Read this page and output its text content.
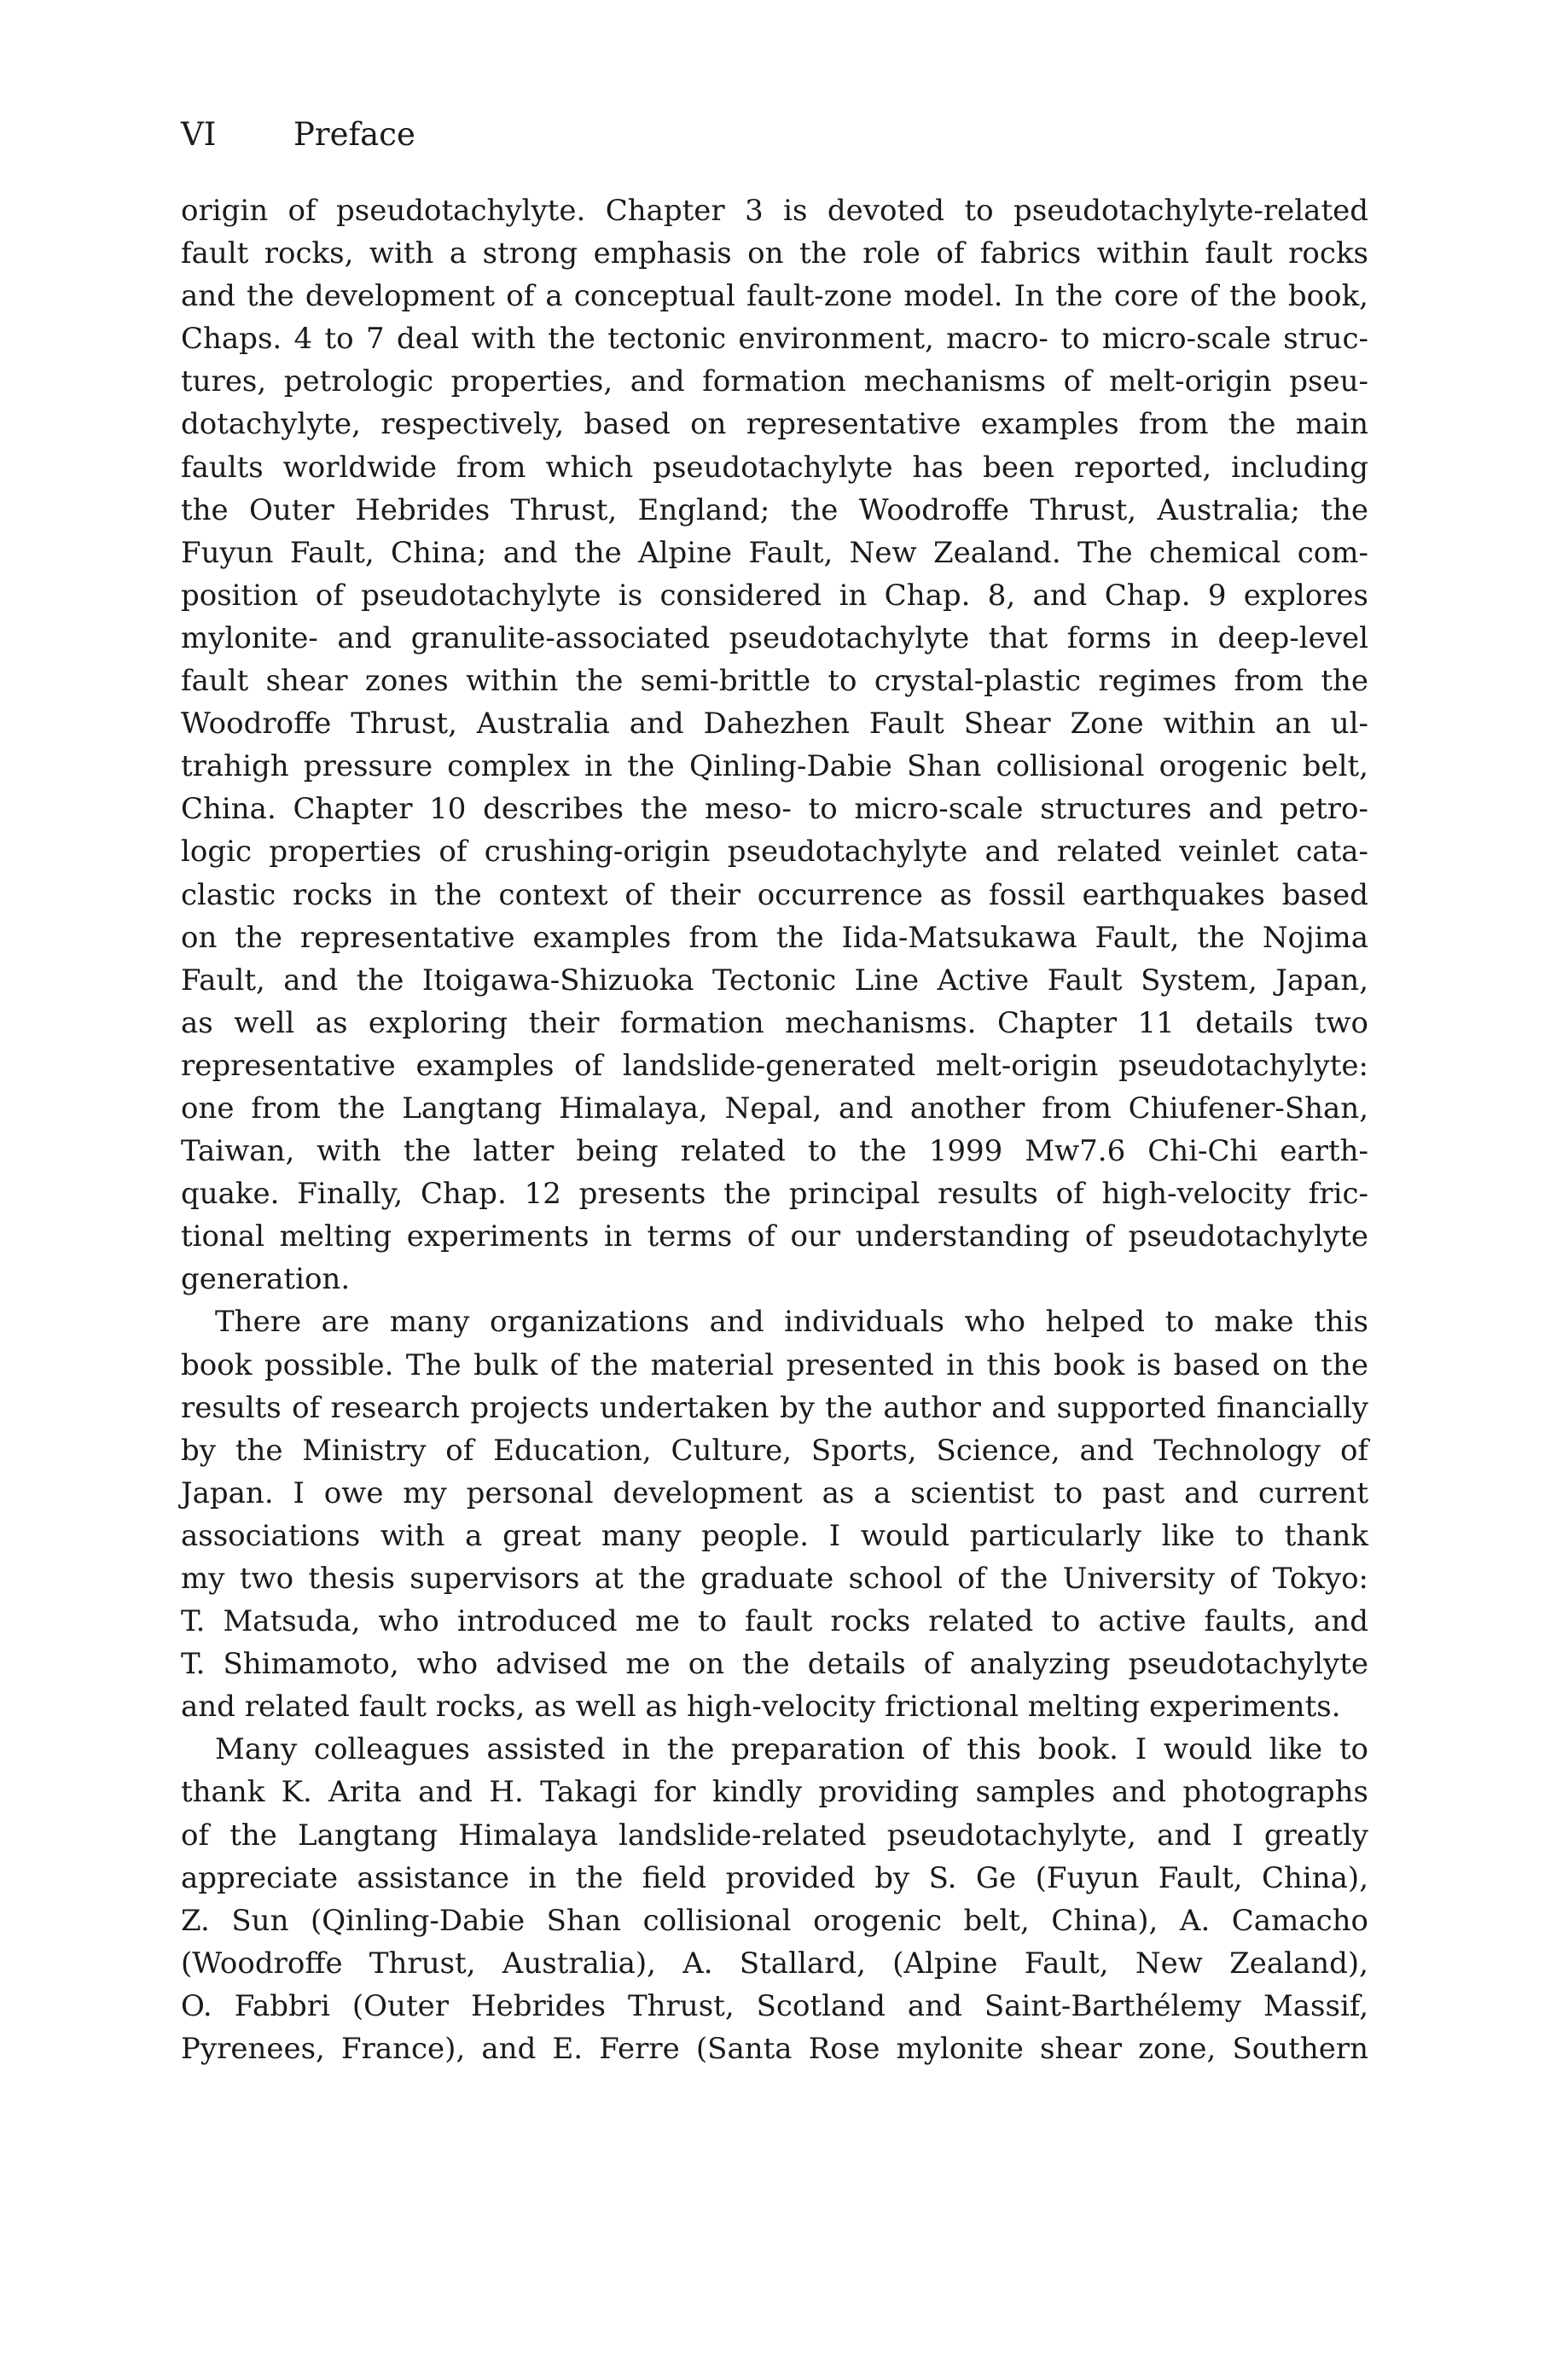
VI Preface
origin of pseudotachylyte. Chapter 3 is devoted to pseudotachylyte-related
fault rocks, with a strong emphasis on the role of fabrics within fault rocks
and the development of a conceptual fault-zone model. In the core of the book,
Chaps. 4 to 7 deal with the tectonic environment, macro- to micro-scale struc-
tures, petrologic properties, and formation mechanisms of melt-origin pseu-
dotachylyte, respectively, based on representative examples from the main
faults worldwide from which pseudotachylyte has been reported, including
the Outer Hebrides Thrust, England; the Woodroffe Thrust, Australia; the
Fuyun Fault, China; and the Alpine Fault, New Zealand. The chemical com-
position of pseudotachylyte is considered in Chap. 8, and Chap. 9 explores
mylonite- and granulite-associated pseudotachylyte that forms in deep-level
fault shear zones within the semi-brittle to crystal-plastic regimes from the
Woodroffe Thrust, Australia and Dahezhen Fault Shear Zone within an ul-
trahigh pressure complex in the Qinling-Dabie Shan collisional orogenic belt,
China. Chapter 10 describes the meso- to micro-scale structures and petro-
logic properties of crushing-origin pseudotachylyte and related veinlet cata-
clastic rocks in the context of their occurrence as fossil earthquakes based
on the representative examples from the Iida-Matsukawa Fault, the Nojima
Fault, and the Itoigawa-Shizuoka Tectonic Line Active Fault System, Japan,
as well as exploring their formation mechanisms. Chapter 11 details two
representative examples of landslide-generated melt-origin pseudotachylyte:
one from the Langtang Himalaya, Nepal, and another from Chiufener-Shan,
Taiwan, with the latter being related to the 1999 Mw7.6 Chi-Chi earth-
quake. Finally, Chap. 12 presents the principal results of high-velocity fric-
tional melting experiments in terms of our understanding of pseudotachylyte
generation.
There are many organizations and individuals who helped to make this
book possible. The bulk of the material presented in this book is based on the
results of research projects undertaken by the author and supported financially
by the Ministry of Education, Culture, Sports, Science, and Technology of
Japan. I owe my personal development as a scientist to past and current
associations with a great many people. I would particularly like to thank
my two thesis supervisors at the graduate school of the University of Tokyo:
T. Matsuda, who introduced me to fault rocks related to active faults, and
T. Shimamoto, who advised me on the details of analyzing pseudotachylyte
and related fault rocks, as well as high-velocity frictional melting experiments.
Many colleagues assisted in the preparation of this book. I would like to
thank K. Arita and H. Takagi for kindly providing samples and photographs
of the Langtang Himalaya landslide-related pseudotachylyte, and I greatly
appreciate assistance in the field provided by S. Ge (Fuyun Fault, China),
Z. Sun (Qinling-Dabie Shan collisional orogenic belt, China), A. Camacho
(Woodroffe Thrust, Australia), A. Stallard, (Alpine Fault, New Zealand),
O. Fabbri (Outer Hebrides Thrust, Scotland and Saint-Barthélemy Massif,
Pyrenees, France), and E. Ferre (Santa Rose mylonite shear zone, Southern
